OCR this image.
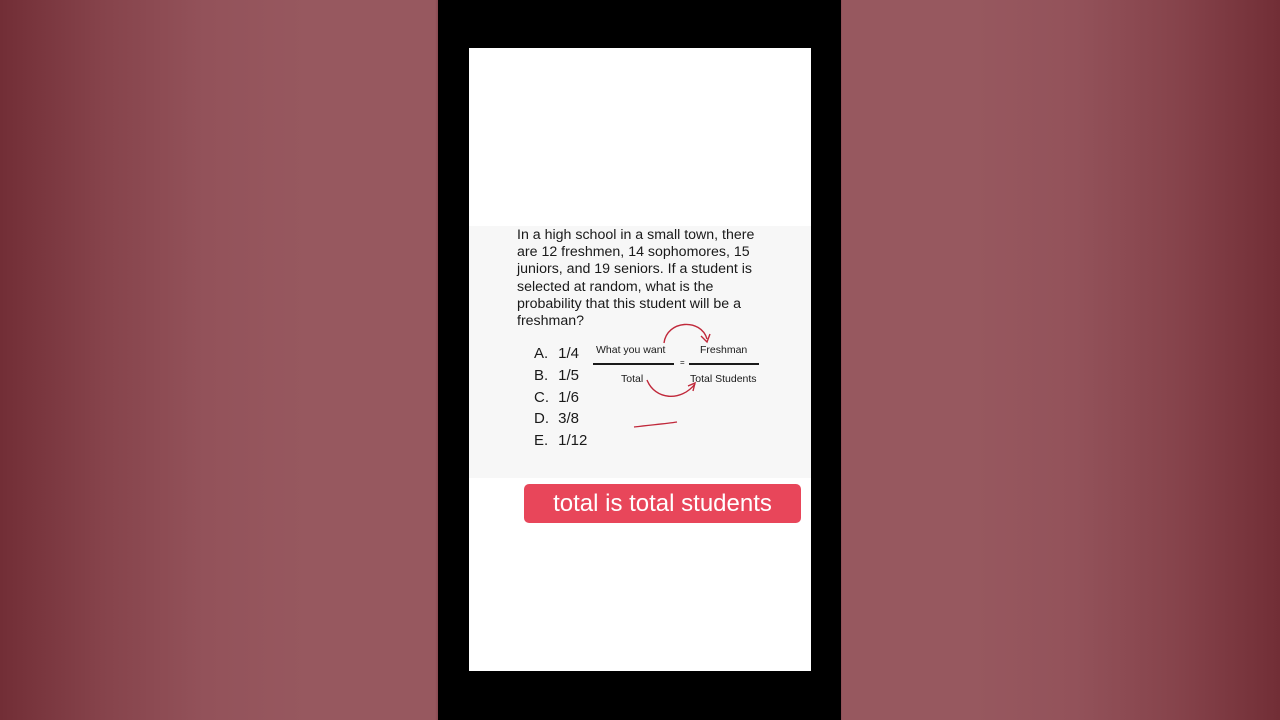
In a high school in a small town, there
are 12 freshmen, 14 sophomores, 15
juniors, and 19 seniors. If a student is
selected at random, what is the
probability that this student will be a
freshman?

A. 1/4
B. 1/5
C. 1/6
D. 3/8
E. 1/12
What you want
Total
=
Freshman
Total Students
total is total students
